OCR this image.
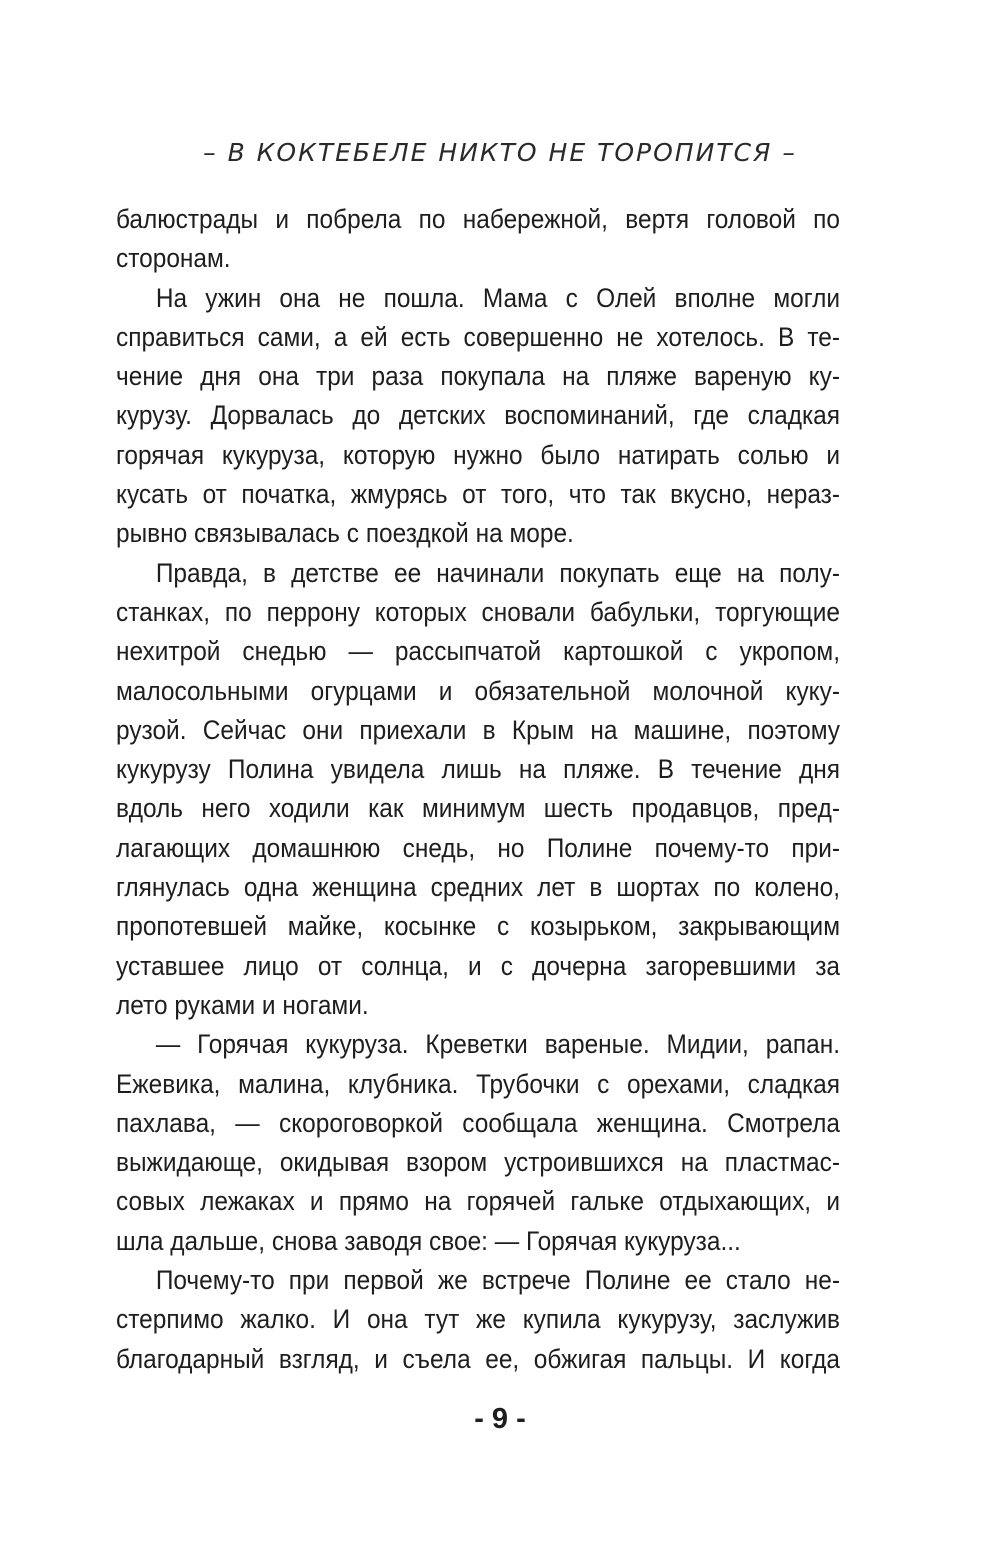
– В КОКТЕБЕЛЕ НИКТО НЕ ТОРОПИТСЯ –
балюстрады и побрела по набережной, вертя головой по
сторонам.
На ужин она не пошла. Мама с Олей вполне могли
справиться сами, а ей есть совершенно не хотелось. В те-
чение дня она три раза покупала на пляже вареную ку-
курузу. Дорвалась до детских воспоминаний, где сладкая
горячая кукуруза, которую нужно было натирать солью и
кусать от початка, жмурясь от того, что так вкусно, нераз-
рывно связывалась с поездкой на море.
Правда, в детстве ее начинали покупать еще на полу-
станках, по перрону которых сновали бабульки, торгующие
нехитрой снедью — рассыпчатой картошкой с укропом,
малосольными огурцами и обязательной молочной куку-
рузой. Сейчас они приехали в Крым на машине, поэтому
кукурузу Полина увидела лишь на пляже. В течение дня
вдоль него ходили как минимум шесть продавцов, пред-
лагающих домашнюю снедь, но Полине почему-то при-
глянулась одна женщина средних лет в шортах по колено,
пропотевшей майке, косынке с козырьком, закрывающим
уставшее лицо от солнца, и с дочерна загоревшими за
лето руками и ногами.
— Горячая кукуруза. Креветки вареные. Мидии, рапан.
Ежевика, малина, клубника. Трубочки с орехами, сладкая
пахлава, — скороговоркой сообщала женщина. Смотрела
выжидающе, окидывая взором устроившихся на пластмас-
совых лежаках и прямо на горячей гальке отдыхающих, и
шла дальше, снова заводя свое: — Горячая кукуруза...
Почему-то при первой же встрече Полине ее стало не-
стерпимо жалко. И она тут же купила кукурузу, заслужив
благодарный взгляд, и съела ее, обжигая пальцы. И когда
- 9 -
